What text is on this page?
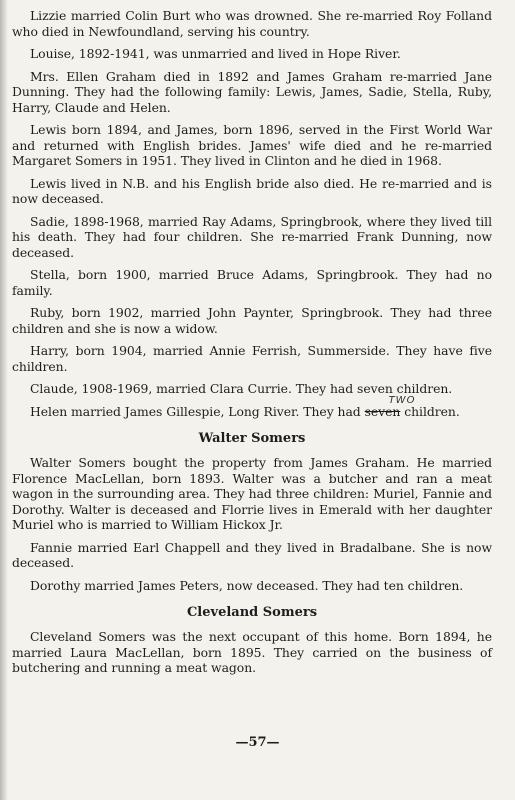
Lizzie married Colin Burt who was drowned. She re-married Roy Folland who died in Newfoundland, serving his country.

Louise, 1892-1941, was unmarried and lived in Hope River.

Mrs. Ellen Graham died in 1892 and James Graham re-married Jane Dunning. They had the following family: Lewis, James, Sadie, Stella, Ruby, Harry, Claude and Helen.

Lewis born 1894, and James, born 1896, served in the First World War and returned with English brides. James' wife died and he re-married Margaret Somers in 1951. They lived in Clinton and he died in 1968.

Lewis lived in N.B. and his English bride also died. He re-married and is now deceased.

Sadie, 1898-1968, married Ray Adams, Springbrook, where they lived till his death. They had four children. She re-married Frank Dunning, now deceased.

Stella, born 1900, married Bruce Adams, Springbrook. They had no family.

Ruby, born 1902, married John Paynter, Springbrook. They had three children and she is now a widow.

Harry, born 1904, married Annie Ferrish, Summerside. They have five children.

Claude, 1908-1969, married Clara Currie. They had seven children.

Helen married James Gillespie, Long River. They had seven
TWO
children.

Walter Somers

Walter Somers bought the property from James Graham. He married Florence MacLellan, born 1893. Walter was a butcher and ran a meat wagon in the surrounding area. They had three children: Muriel, Fannie and Dorothy. Walter is deceased and Florrie lives in Emerald with her daughter Muriel who is married to William Hickox Jr.

Fannie married Earl Chappell and they lived in Bradalbane. She is now deceased.

Dorothy married James Peters, now deceased. They had ten children.

Cleveland Somers

Cleveland Somers was the next occupant of this home. Born 1894, he married Laura MacLellan, born 1895. They carried on the business of butchering and running a meat wagon.

—57—
